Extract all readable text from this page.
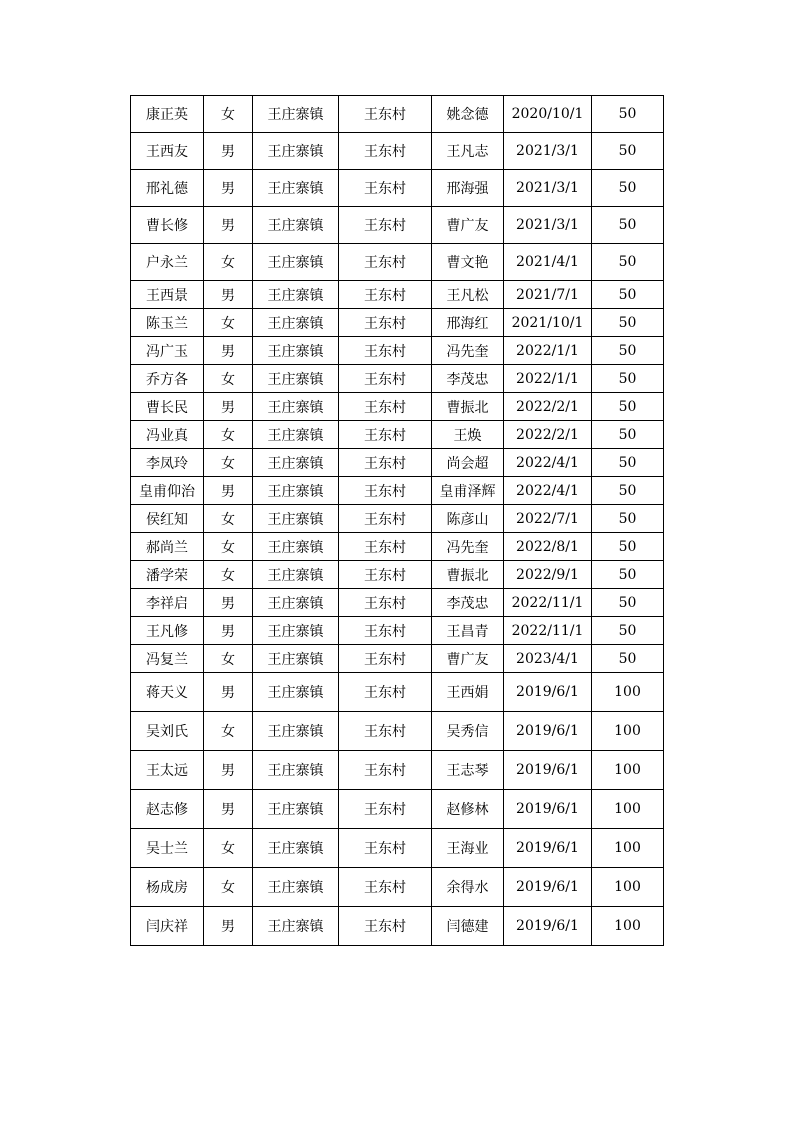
康正英	女	王庄寨镇	王东村	姚念德	2020/10/1	50
王西友	男	王庄寨镇	王东村	王凡志	2021/3/1	50
邢礼德	男	王庄寨镇	王东村	邢海强	2021/3/1	50
曹长修	男	王庄寨镇	王东村	曹广友	2021/3/1	50
户永兰	女	王庄寨镇	王东村	曹文艳	2021/4/1	50
王西景	男	王庄寨镇	王东村	王凡松	2021/7/1	50
陈玉兰	女	王庄寨镇	王东村	邢海红	2021/10/1	50
冯广玉	男	王庄寨镇	王东村	冯先奎	2022/1/1	50
乔方各	女	王庄寨镇	王东村	李茂忠	2022/1/1	50
曹长民	男	王庄寨镇	王东村	曹振北	2022/2/1	50
冯业真	女	王庄寨镇	王东村	王焕	2022/2/1	50
李凤玲	女	王庄寨镇	王东村	尚会超	2022/4/1	50
皇甫仰治	男	王庄寨镇	王东村	皇甫泽辉	2022/4/1	50
侯红知	女	王庄寨镇	王东村	陈彦山	2022/7/1	50
郝尚兰	女	王庄寨镇	王东村	冯先奎	2022/8/1	50
潘学荣	女	王庄寨镇	王东村	曹振北	2022/9/1	50
李祥启	男	王庄寨镇	王东村	李茂忠	2022/11/1	50
王凡修	男	王庄寨镇	王东村	王昌青	2022/11/1	50
冯复兰	女	王庄寨镇	王东村	曹广友	2023/4/1	50
蒋天义	男	王庄寨镇	王东村	王西娟	2019/6/1	100
吴刘氏	女	王庄寨镇	王东村	吴秀信	2019/6/1	100
王太远	男	王庄寨镇	王东村	王志琴	2019/6/1	100
赵志修	男	王庄寨镇	王东村	赵修林	2019/6/1	100
吴士兰	女	王庄寨镇	王东村	王海业	2019/6/1	100
杨成房	女	王庄寨镇	王东村	余得水	2019/6/1	100
闫庆祥	男	王庄寨镇	王东村	闫德建	2019/6/1	100
